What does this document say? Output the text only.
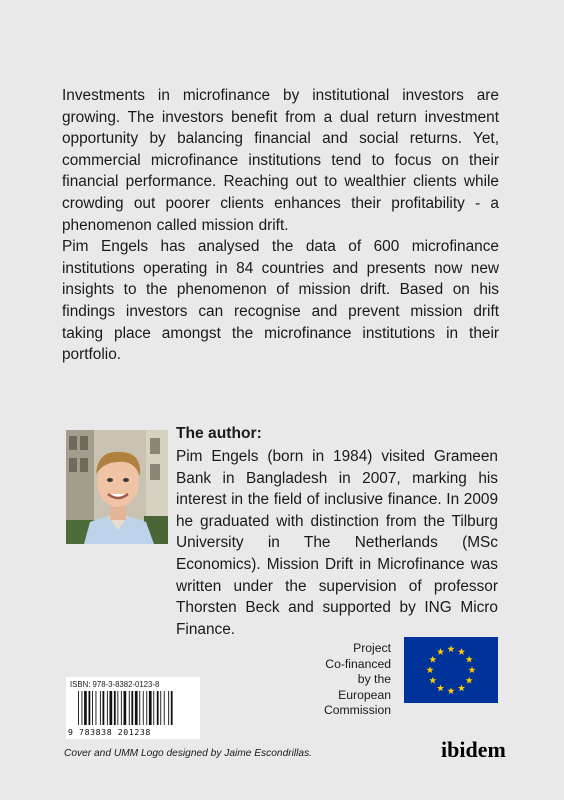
Investments in microfinance by institutional investors are growing. The investors benefit from a dual return investment opportunity by balancing financial and social returns. Yet, commercial microfinance institutions tend to focus on their financial performance. Reaching out to wealthier clients while crowding out poorer clients enhances their profitability - a phenomenon called mission drift.

Pim Engels has analysed the data of 600 microfinance institutions operating in 84 countries and presents now new insights to the phenomenon of mission drift. Based on his findings investors can recognise and prevent mission drift taking place amongst the microfinance institutions in their portfolio.

The author:
Pim Engels (born in 1984) visited Grameen Bank in Bangladesh in 2007, marking his interest in the field of inclusive finance. In 2009 he graduated with distinction from the Tilburg University in The Netherlands (MSc Economics). Mission Drift in Microfinance was written under the supervision of professor Thorsten Beck and supported by ING Micro Finance.
Project
Co-financed
by the European
Commission
ISBN: 978-3-8382-0123-8
9 783838 201238
Cover and UMM Logo designed by Jaime Escondrillas.	ibidem
